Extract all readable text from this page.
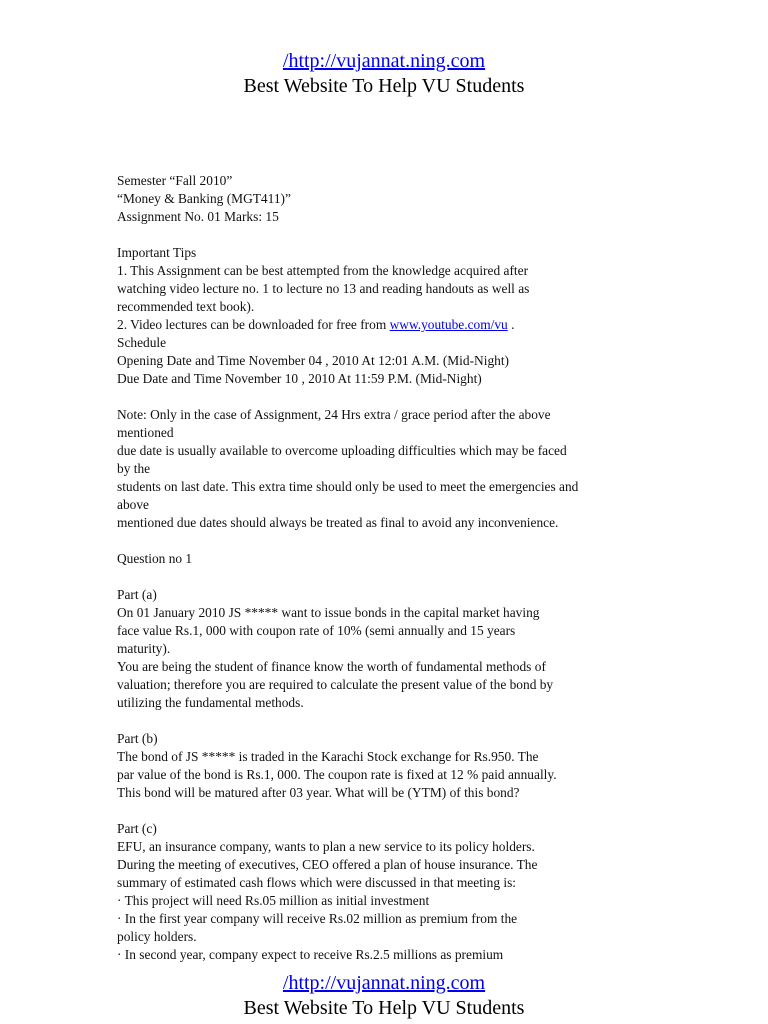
/http://vujannat.ning.com
Best Website To Help VU Students
Semester “Fall 2010”
“Money & Banking (MGT411)”
Assignment No. 01 Marks: 15
Important Tips
1. This Assignment can be best attempted from the knowledge acquired after
watching video lecture no. 1 to lecture no 13 and reading handouts as well as
recommended text book).
2. Video lectures can be downloaded for free from www.youtube.com/vu .
Schedule
Opening Date and Time November 04 , 2010 At 12:01 A.M. (Mid-Night)
Due Date and Time November 10 , 2010 At 11:59 P.M. (Mid-Night)
Note: Only in the case of Assignment, 24 Hrs extra / grace period after the above
mentioned
due date is usually available to overcome uploading difficulties which may be faced
by the
students on last date. This extra time should only be used to meet the emergencies and
above
mentioned due dates should always be treated as final to avoid any inconvenience.
Question no 1
Part (a)
On 01 January 2010 JS ***** want to issue bonds in the capital market having
face value Rs.1, 000 with coupon rate of 10% (semi annually and 15 years
maturity).
You are being the student of finance know the worth of fundamental methods of
valuation; therefore you are required to calculate the present value of the bond by
utilizing the fundamental methods.
Part (b)
The bond of JS ***** is traded in the Karachi Stock exchange for Rs.950. The
par value of the bond is Rs.1, 000. The coupon rate is fixed at 12 % paid annually.
This bond will be matured after 03 year. What will be (YTM) of this bond?
Part (c)
EFU, an insurance company, wants to plan a new service to its policy holders.
During the meeting of executives, CEO offered a plan of house insurance. The
summary of estimated cash flows which were discussed in that meeting is:
· This project will need Rs.05 million as initial investment
· In the first year company will receive Rs.02 million as premium from the
policy holders.
· In second year, company expect to receive Rs.2.5 millions as premium
/http://vujannat.ning.com
Best Website To Help VU Students
